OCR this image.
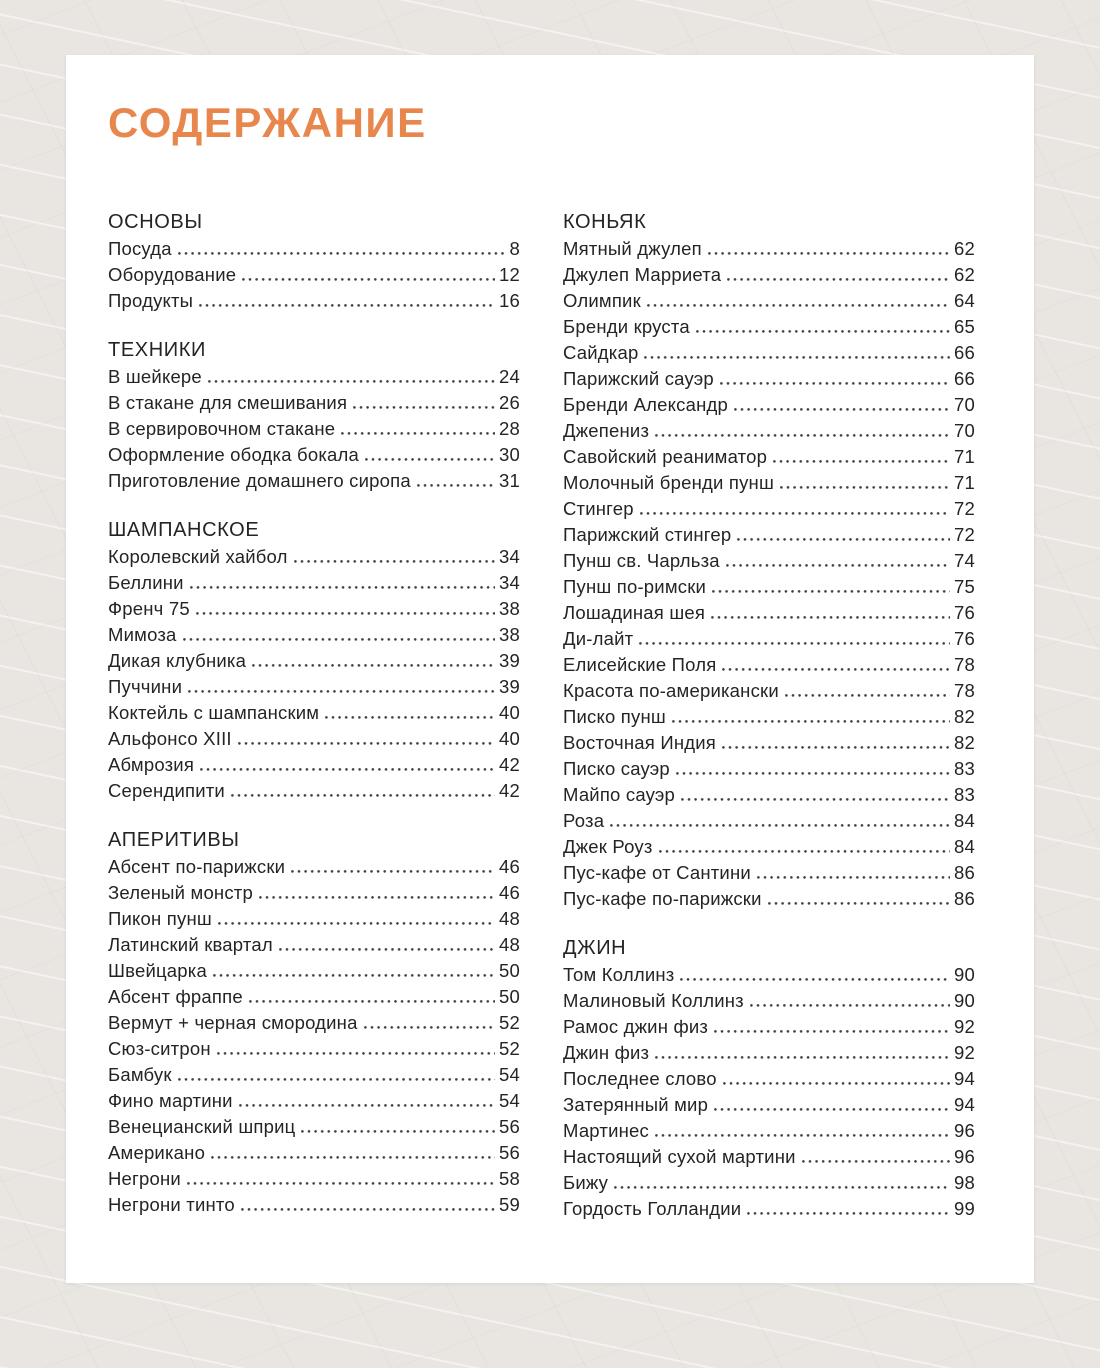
СОДЕРЖАНИЕ
ОСНОВЫ
Посуда	8
Оборудование	12
Продукты	16
ТЕХНИКИ
В шейкере	24
В стакане для смешивания	26
В сервировочном стакане	28
Оформление ободка бокала	30
Приготовление домашнего сиропа	31
ШАМПАНСКОЕ
Королевский хайбол	34
Беллини	34
Френч 75	38
Мимоза	38
Дикая клубника	39
Пуччини	39
Коктейль с шампанским	40
Альфонсо XIII	40
Абмрозия	42
Серендипити	42
АПЕРИТИВЫ
Абсент по-парижски	46
Зеленый монстр	46
Пикон пунш	48
Латинский квартал	48
Швейцарка	50
Абсент фраппе	50
Вермут + черная смородина	52
Сюз-ситрон	52
Бамбук	54
Фино мартини	54
Венецианский шприц	56
Американо	56
Негрони	58
Негрони тинто	59
КОНЬЯК
Мятный джулеп	62
Джулеп Марриета	62
Олимпик	64
Бренди круста	65
Сайдкар	66
Парижский сауэр	66
Бренди Александр	70
Джепениз	70
Савойский реаниматор	71
Молочный бренди пунш	71
Стингер	72
Парижский стингер	72
Пунш св. Чарльза	74
Пунш по-римски	75
Лошадиная шея	76
Ди-лайт	76
Елисейские Поля	78
Красота по-американски	78
Писко пунш	82
Восточная Индия	82
Писко сауэр	83
Майпо сауэр	83
Роза	84
Джек Роуз	84
Пус-кафе от Сантини	86
Пус-кафе по-парижски	86
ДЖИН
Том Коллинз	90
Малиновый Коллинз	90
Рамос джин физ	92
Джин физ	92
Последнее слово	94
Затерянный мир	94
Мартинес	96
Настоящий сухой мартини	96
Бижу	98
Гордость Голландии	99
